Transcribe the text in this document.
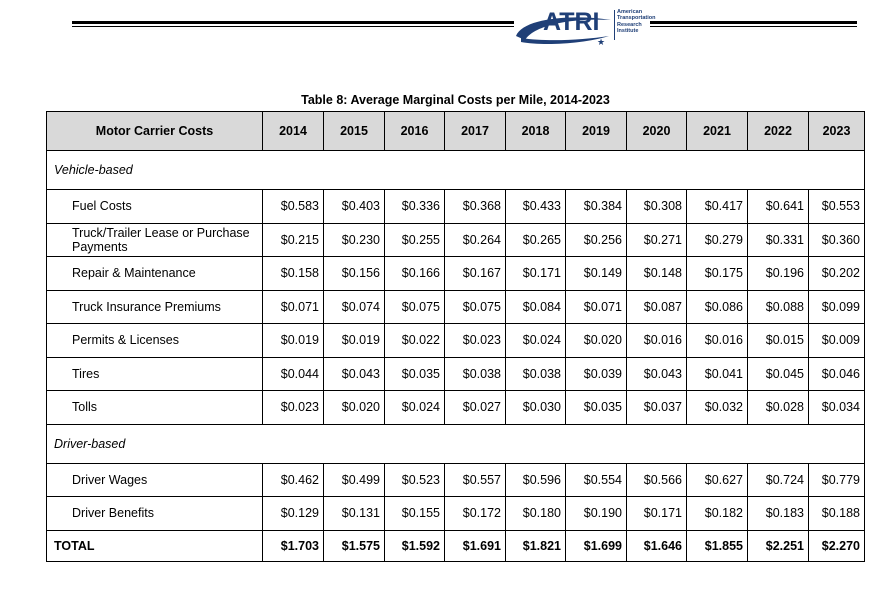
★
ATRI	American
Transportation
Research
Institute
Table 8: Average Marginal Costs per Mile, 2014-2023
Motor Carrier Costs	2014	2015	2016	2017	2018	2019	2020	2021	2022	2023
Vehicle-based										
Fuel Costs	$0.583	$0.403	$0.336	$0.368	$0.433	$0.384	$0.308	$0.417	$0.641	$0.553
Truck/Trailer Lease or Purchase Payments	$0.215	$0.230	$0.255	$0.264	$0.265	$0.256	$0.271	$0.279	$0.331	$0.360
Repair & Maintenance	$0.158	$0.156	$0.166	$0.167	$0.171	$0.149	$0.148	$0.175	$0.196	$0.202
Truck Insurance Premiums	$0.071	$0.074	$0.075	$0.075	$0.084	$0.071	$0.087	$0.086	$0.088	$0.099
Permits & Licenses	$0.019	$0.019	$0.022	$0.023	$0.024	$0.020	$0.016	$0.016	$0.015	$0.009
Tires	$0.044	$0.043	$0.035	$0.038	$0.038	$0.039	$0.043	$0.041	$0.045	$0.046
Tolls	$0.023	$0.020	$0.024	$0.027	$0.030	$0.035	$0.037	$0.032	$0.028	$0.034
Driver-based										
Driver Wages	$0.462	$0.499	$0.523	$0.557	$0.596	$0.554	$0.566	$0.627	$0.724	$0.779
Driver Benefits	$0.129	$0.131	$0.155	$0.172	$0.180	$0.190	$0.171	$0.182	$0.183	$0.188
TOTAL	$1.703	$1.575	$1.592	$1.691	$1.821	$1.699	$1.646	$1.855	$2.251	$2.270
